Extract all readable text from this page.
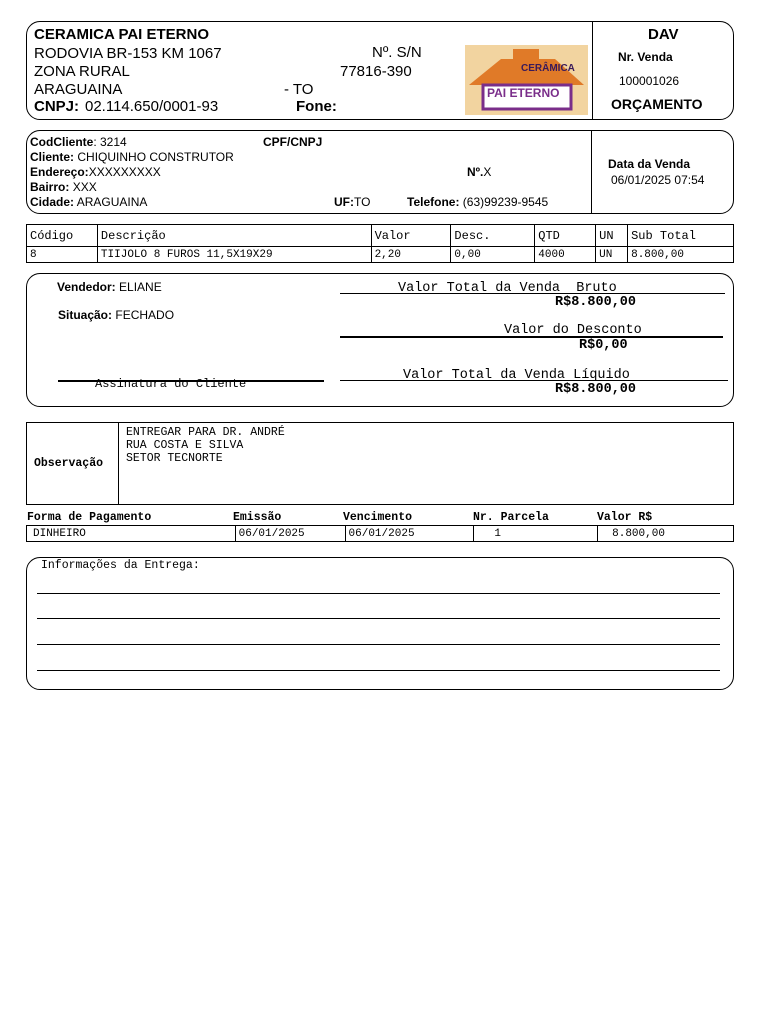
CERAMICA PAI ETERNO
RODOVIA BR-153 KM 1067	Nº. S/N
ZONA RURAL	77816-390
ARAGUAINA	- TO
CNPJ: 02.114.650/0001-93	Fone:
CERÂMICA
PAI ETERNO
DAV
Nr. Venda
100001026
ORÇAMENTO
CodCliente: 3214	CPF/CNPJ
Cliente: CHIQUINHO CONSTRUTOR
Endereço:XXXXXXXXX	Nº.X
Bairro: XXX
Cidade: ARAGUAINA	UF:TO	Telefone: (63)99239-9545
Data da Venda
06/01/2025 07:54
Código	Descrição	Valor	Desc.	QTD	UN	Sub Total
8	TIIJOLO 8 FUROS 11,5X19X29	2,20	0,00	4000	UN	8.800,00
Vendedor: ELIANE
Situação: FECHADO
Assinatura do Cliente
Valor Total da Venda  Bruto
R$8.800,00
Valor do Desconto
R$0,00
Valor Total da Venda Líquido
R$8.800,00
Observação
ENTREGAR PARA DR. ANDRÉ
RUA COSTA E SILVA
SETOR TECNORTE
Forma de Pagamento	Emissão	Vencimento	Nr. Parcela	Valor R$
DINHEIRO	06/01/2025	06/01/2025	1	8.800,00
Informações da Entrega:
